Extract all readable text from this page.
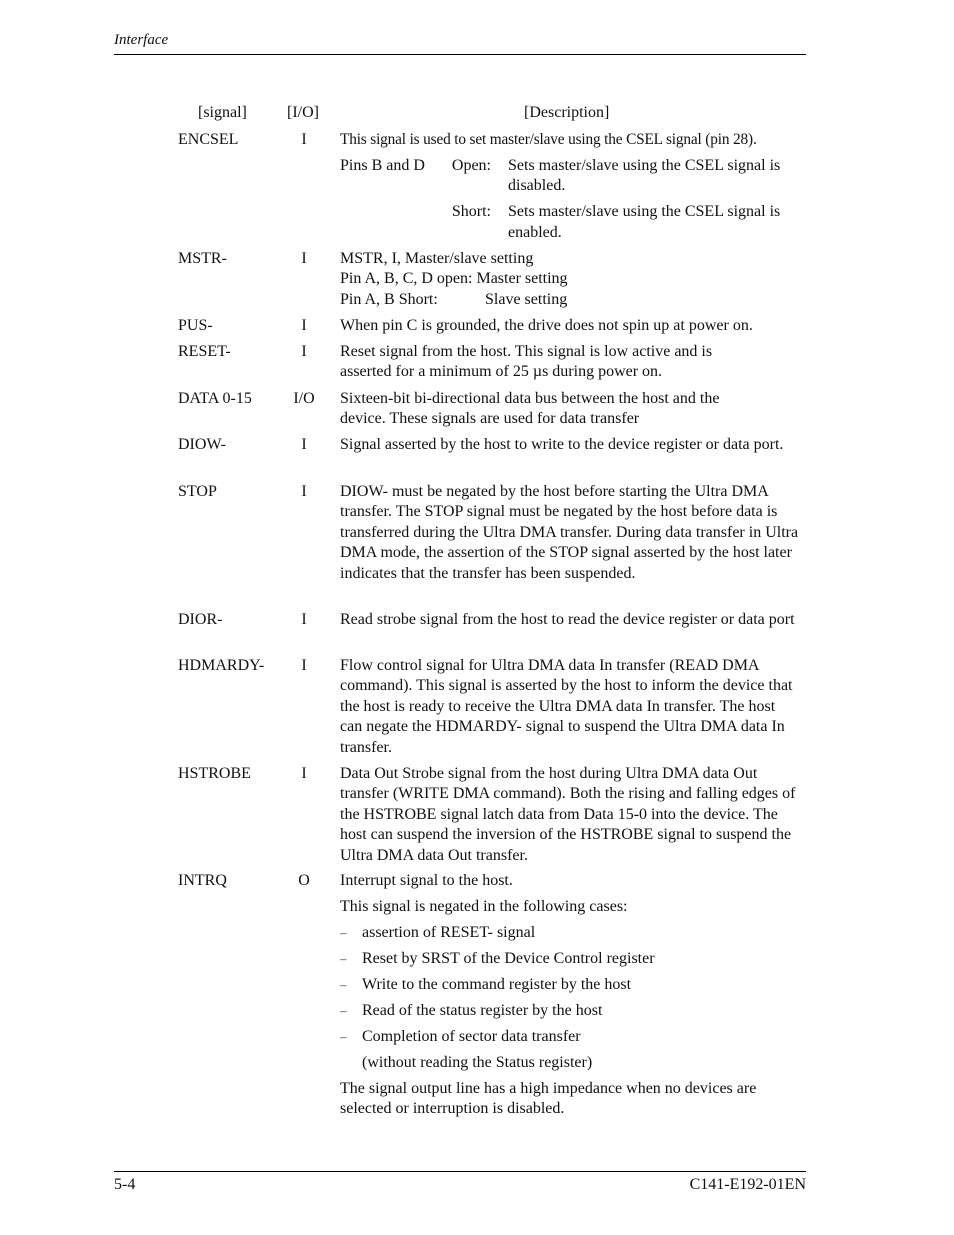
Interface
[signal]	[I/O]	[Description]
ENCSEL	I	This signal is used to set master/slave using the CSEL signal (pin 28).

Pins B and D	Open: Sets master/slave using the CSEL signal is disabled.
Short: Sets master/slave using the CSEL signal is enabled.
MSTR-	I	MSTR, I, Master/slave setting

Pin A, B, C, D open: Master setting

Pin A, B Short:	Slave setting

PUS-	I	When pin C is grounded, the drive does not spin up at power on.
RESET-	I	Reset signal from the host. This signal is low active and is asserted for a minimum of 25 µs during power on.
DATA 0-15	I/O	Sixteen-bit bi-directional data bus between the host and the device. These signals are used for data transfer
DIOW-	I	Signal asserted by the host to write to the device register or data port.
STOP	I	DIOW- must be negated by the host before starting the Ultra DMA transfer. The STOP signal must be negated by the host before data is transferred during the Ultra DMA transfer. During data transfer in Ultra DMA mode, the assertion of the STOP signal asserted by the host later indicates that the transfer has been suspended.
DIOR-	I	Read strobe signal from the host to read the device register or data port
HDMARDY-	I	Flow control signal for Ultra DMA data In transfer (READ DMA command). This signal is asserted by the host to inform the device that the host is ready to receive the Ultra DMA data In transfer. The host can negate the HDMARDY- signal to suspend the Ultra DMA data In transfer.
HSTROBE	I	Data Out Strobe signal from the host during Ultra DMA data Out transfer (WRITE DMA command). Both the rising and falling edges of the HSTROBE signal latch data from Data 15-0 into the device. The host can suspend the inversion of the HSTROBE signal to suspend the Ultra DMA data Out transfer.
INTRQ	O	Interrupt signal to the host.

This signal is negated in the following cases:

– assertion of RESET- signal

– Reset by SRST of the Device Control register

– Write to the command register by the host

– Read of the status register by the host

– Completion of sector data transfer

(without reading the Status register)

The signal output line has a high impedance when no devices are selected or interruption is disabled.

5-4	C141-E192-01EN
